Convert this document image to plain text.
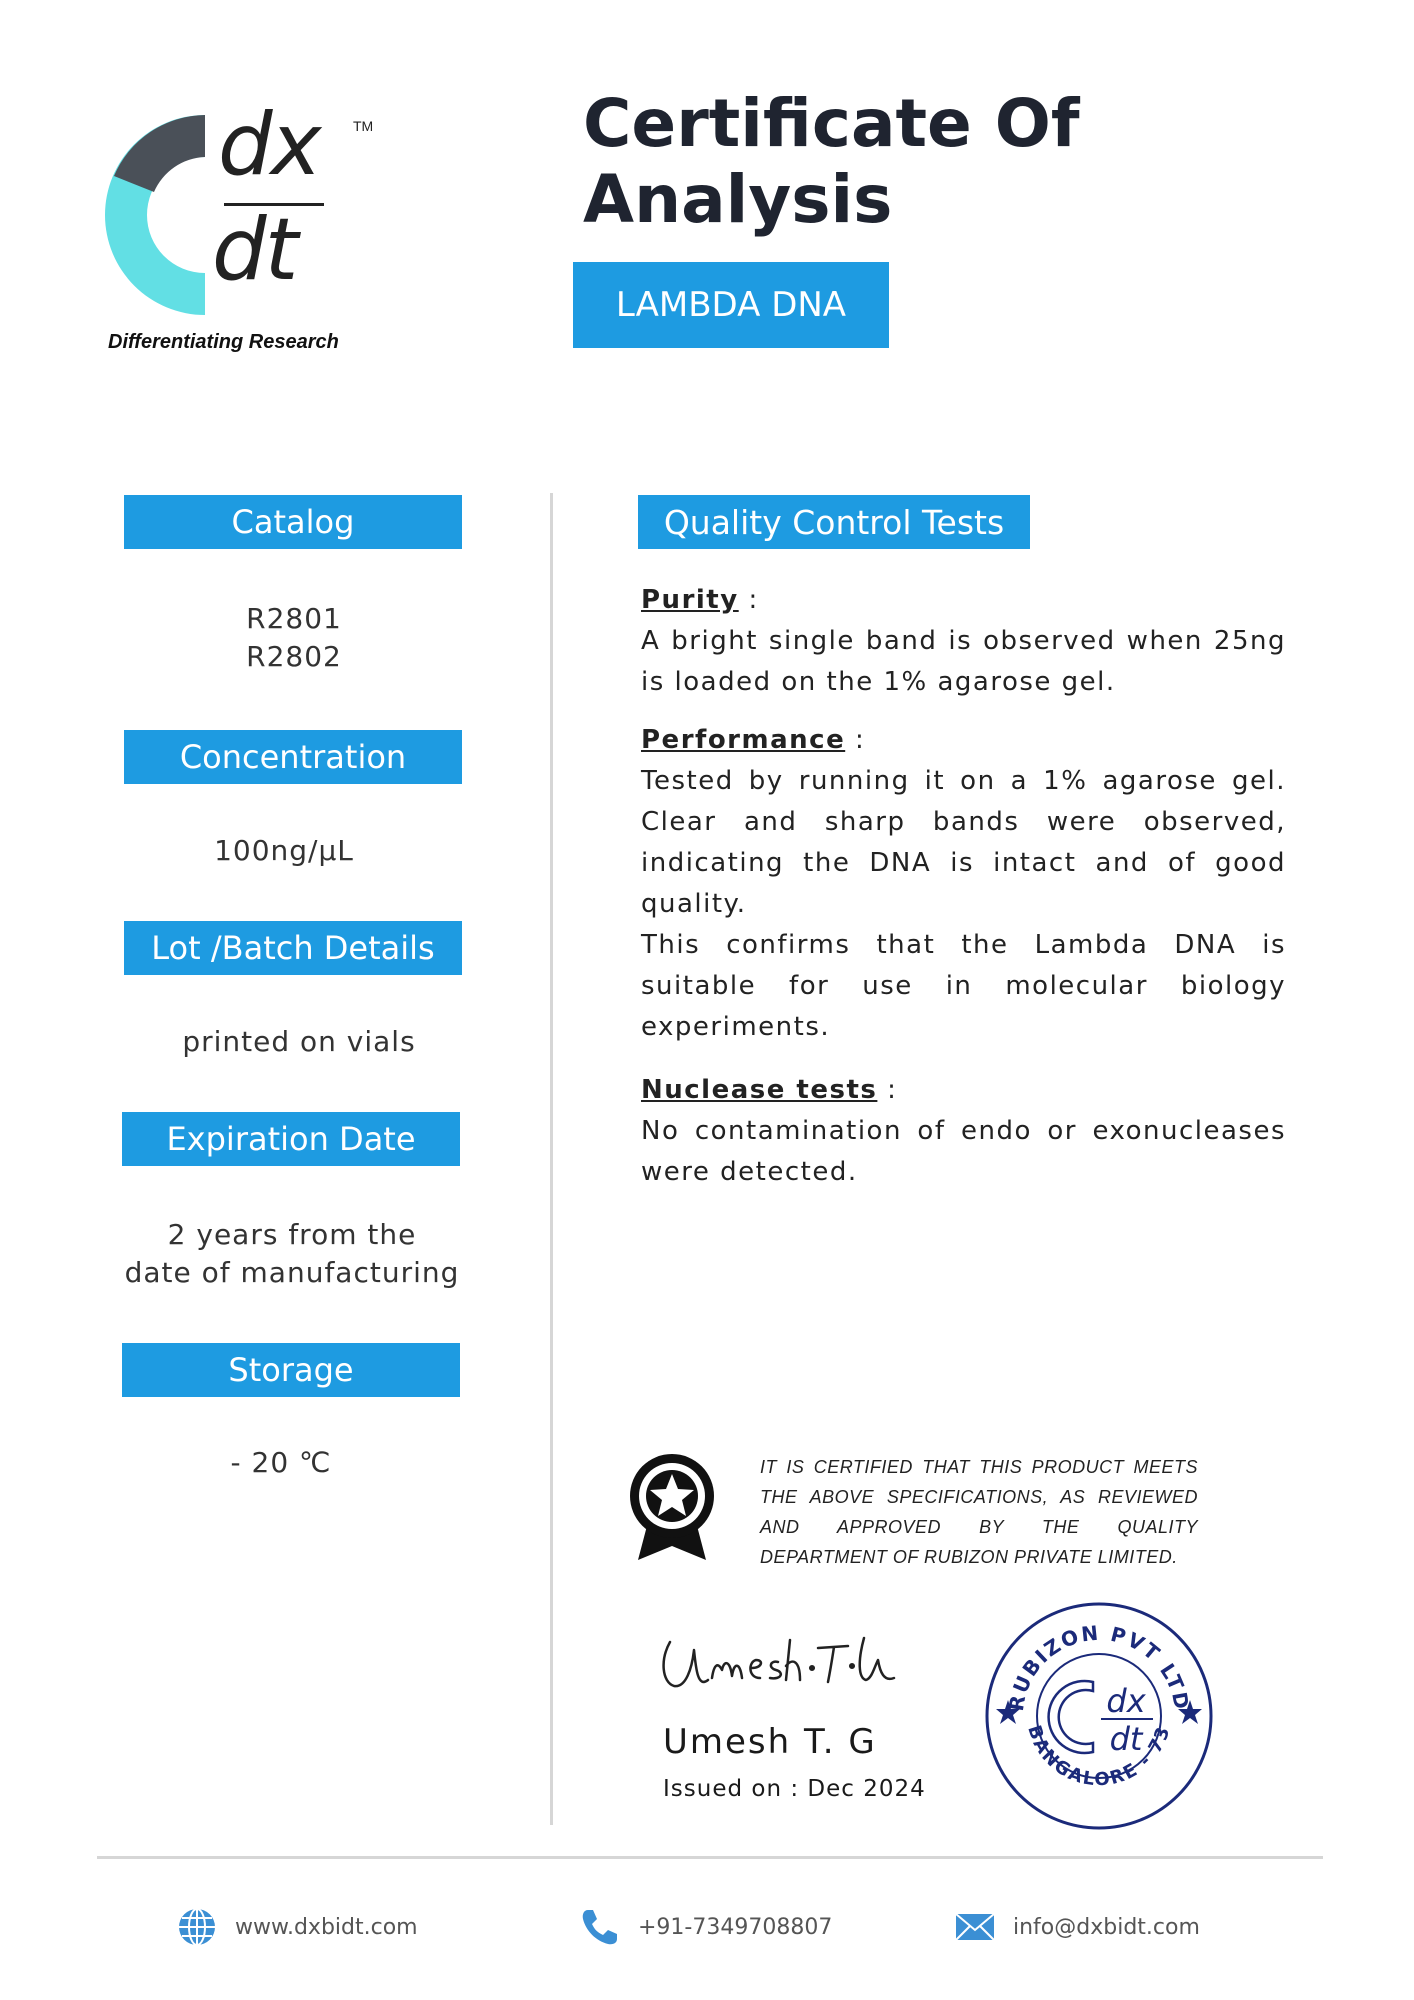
dx
dt
TM
Differentiating Research
Certificate Of
Analysis
LAMBDA DNA
Catalog
R2801
R2802
Concentration
100ng/µL
Lot /Batch Details
printed on vials
Expiration Date
2 years from the
date of manufacturing
Storage
- 20 ℃
Quality Control Tests
Purity :

A bright single band is observed when 25ng is loaded on the 1% agarose gel.

Performance :

Tested by running it on a 1% agarose gel. Clear and sharp bands were observed, indicating the DNA is intact and of good quality.

This confirms that the Lambda DNA is suitable for use in molecular biology experiments.

Nuclease tests :

No contamination of endo or exonucleases were detected.

IT IS CERTIFIED THAT THIS PRODUCT MEETS THE ABOVE SPECIFICATIONS, AS REVIEWED AND APPROVED BY THE QUALITY DEPARTMENT OF RUBIZON PRIVATE LIMITED.
Umesh T. G
Issued on : Dec 2024
RUBIZON PVT LTD
BANGALORE - 73
dx
dt
www.dxbidt.com	+91-7349708807	info@dxbidt.com
